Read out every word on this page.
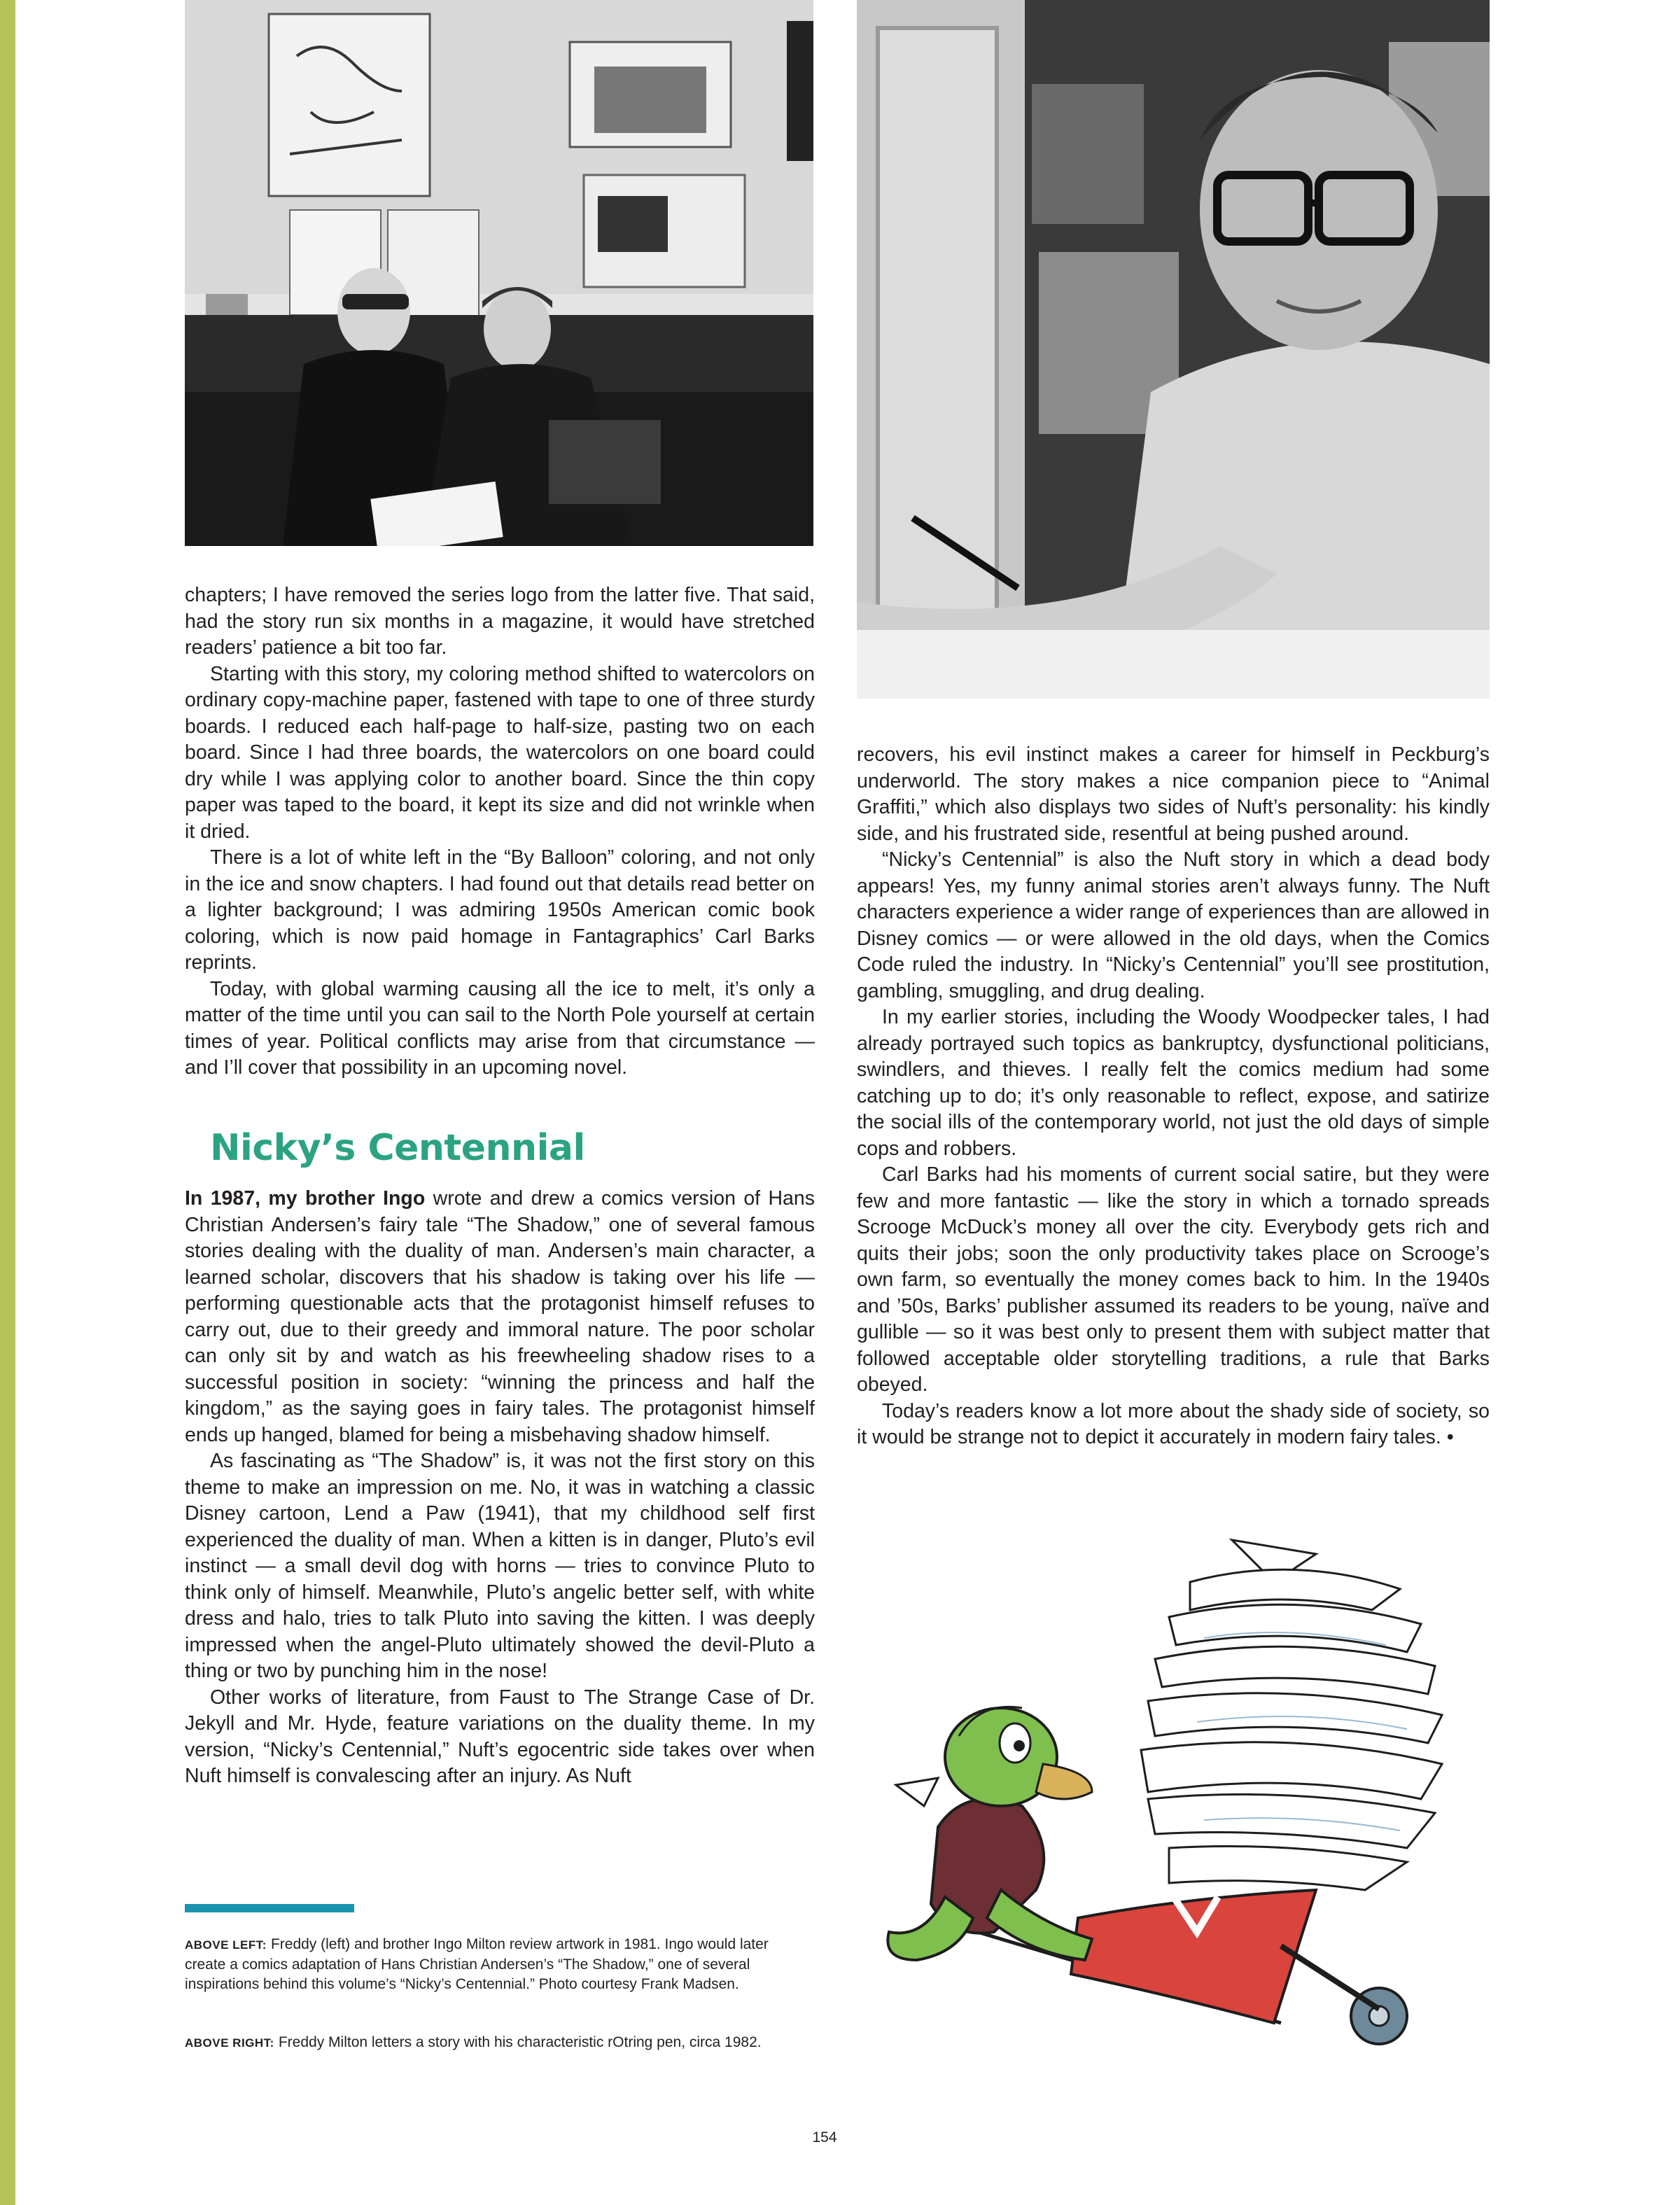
chapters; I have removed the series logo from the latter five. That said, had the story run six months in a magazine, it would have stretched readers’ patience a bit too far.

Starting with this story, my coloring method shifted to watercolors on ordinary copy-machine paper, fastened with tape to one of three sturdy boards. I reduced each half-page to half-size, pasting two on each board. Since I had three boards, the watercolors on one board could dry while I was applying color to another board. Since the thin copy paper was taped to the board, it kept its size and did not wrinkle when it dried.

There is a lot of white left in the “By Balloon” coloring, and not only in the ice and snow chapters. I had found out that details read better on a lighter background; I was admiring 1950s American comic book coloring, which is now paid homage in Fantagraphics’ Carl Barks reprints.

Today, with global warming causing all the ice to melt, it’s only a matter of the time until you can sail to the North Pole yourself at certain times of year. Political conflicts may arise from that circumstance — and I’ll cover that possibility in an upcoming novel.

Nicky’s Centennial

In 1987, my brother Ingo wrote and drew a comics version of Hans Christian Andersen’s fairy tale “The Shadow,” one of several famous stories dealing with the duality of man. Andersen’s main character, a learned scholar, discovers that his shadow is taking over his life — performing questionable acts that the protagonist himself refuses to carry out, due to their greedy and immoral nature. The poor scholar can only sit by and watch as his freewheeling shadow rises to a successful position in society: “winning the princess and half the kingdom,” as the saying goes in fairy tales. The protagonist himself ends up hanged, blamed for being a misbehaving shadow himself.

As fascinating as “The Shadow” is, it was not the first story on this theme to make an impression on me. No, it was in watching a classic Disney cartoon, Lend a Paw (1941), that my childhood self first experienced the duality of man. When a kitten is in danger, Pluto’s evil instinct — a small devil dog with horns — tries to convince Pluto to think only of himself. Meanwhile, Pluto’s angelic better self, with white dress and halo, tries to talk Pluto into saving the kitten. I was deeply impressed when the angel-Pluto ultimately showed the devil-Pluto a thing or two by punching him in the nose!

Other works of literature, from Faust to The Strange Case of Dr. Jekyll and Mr. Hyde, feature variations on the duality theme. In my version, “Nicky’s Centennial,” Nuft’s egocentric side takes over when Nuft himself is convalescing after an injury. As Nuft

recovers, his evil instinct makes a career for himself in Peckburg’s underworld. The story makes a nice companion piece to “Animal Graffiti,” which also displays two sides of Nuft’s personality: his kindly side, and his frustrated side, resentful at being pushed around.

“Nicky’s Centennial” is also the Nuft story in which a dead body appears! Yes, my funny animal stories aren’t always funny. The Nuft characters experience a wider range of experiences than are allowed in Disney comics — or were allowed in the old days, when the Comics Code ruled the industry. In “Nicky’s Centennial” you’ll see prostitution, gambling, smuggling, and drug dealing.

In my earlier stories, including the Woody Woodpecker tales, I had already portrayed such topics as bankruptcy, dysfunctional politicians, swindlers, and thieves. I really felt the comics medium had some catching up to do; it’s only reasonable to reflect, expose, and satirize the social ills of the contemporary world, not just the old days of simple cops and robbers.

Carl Barks had his moments of current social satire, but they were few and more fantastic — like the story in which a tornado spreads Scrooge McDuck’s money all over the city. Everybody gets rich and quits their jobs; soon the only productivity takes place on Scrooge’s own farm, so eventually the money comes back to him. In the 1940s and ’50s, Barks’ publisher assumed its readers to be young, naïve and gullible — so it was best only to present them with subject matter that followed acceptable older storytelling traditions, a rule that Barks obeyed.

Today’s readers know a lot more about the shady side of society, so it would be strange not to depict it accurately in modern fairy tales. •

ABOVE LEFT: Freddy (left) and brother Ingo Milton review artwork in 1981. Ingo would later create a comics adaptation of Hans Christian Andersen’s “The Shadow,” one of several inspirations behind this volume’s “Nicky’s Centennial.” Photo courtesy Frank Madsen.

ABOVE RIGHT: Freddy Milton letters a story with his characteristic rOtring pen, circa 1982.

154
